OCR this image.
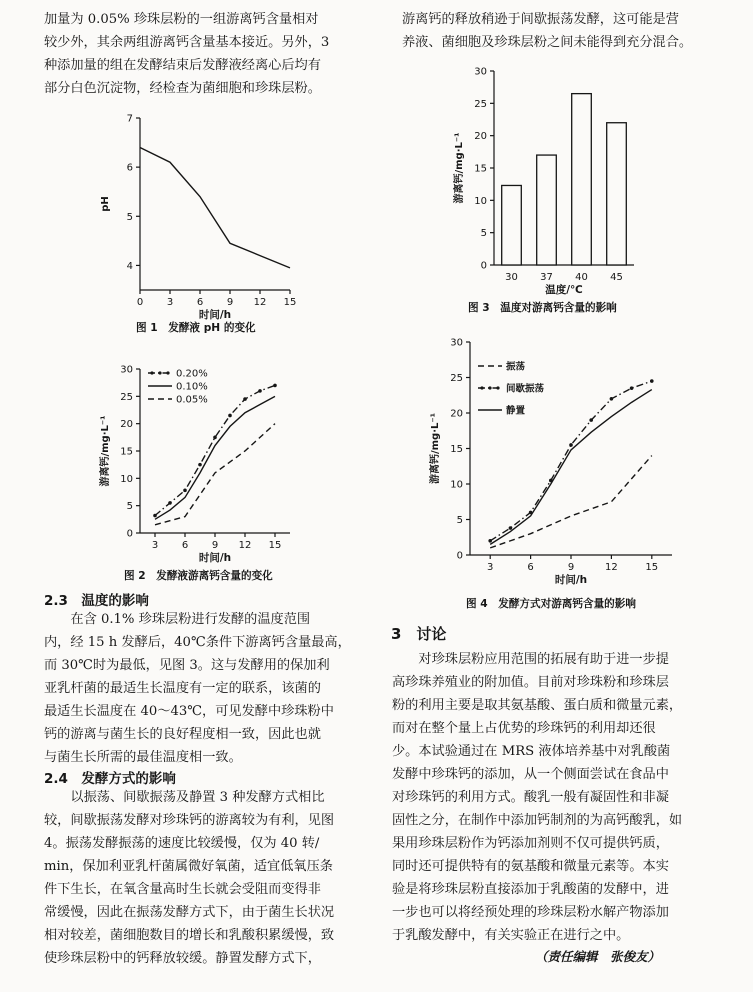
加量为 0.05% 珍珠层粉的一组游离钙含量相对
较少外，其余两组游离钙含量基本接近。另外，3
种添加量的组在发酵结束后发酵液经离心后均有
部分白色沉淀物，经检查为菌细胞和珍珠层粉。
游离钙的释放稍逊于间歇振荡发酵，这可能是营
养液、菌细胞及珍珠层粉之间未能得到充分混合。
4
5
6
7
0 3 6 9 12 15
pH
时间/h
图 1　发酵液 pH 的变化
0
5
10
15
20
25
30
3 6 9 12 15
0.20%
0.10%
0.05%
游离钙/mg·L⁻¹
时间/h
图 2　发酵液游离钙含量的变化
0
5
10
15
20
25
30
30 37 40 45
游离钙/mg·L⁻¹
温度/℃
图 3　温度对游离钙含量的影响
0
5
10
15
20
25
30
3	6	9	12	15
振荡
间歇振荡
静置
游离钙/mg·L⁻¹
时间/h
图 4　发酵方式对游离钙含量的影响
2.3　温度的影响
在含 0.1% 珍珠层粉进行发酵的温度范围
内，经 15 h 发酵后，40℃条件下游离钙含量最高，
而 30℃时为最低，见图 3。这与发酵用的保加利
亚乳杆菌的最适生长温度有一定的联系，该菌的
最适生长温度在 40～43℃，可见发酵中珍珠粉中
钙的游离与菌生长的良好程度相一致，因此也就
与菌生长所需的最佳温度相一致。
2.4　发酵方式的影响
以振荡、间歇振荡及静置 3 种发酵方式相比
较，间歇振荡发酵对珍珠钙的游离较为有利，见图
4。振荡发酵振荡的速度比较缓慢，仅为 40 转/
min，保加利亚乳杆菌属微好氧菌，适宜低氧压条
件下生长，在氧含量高时生长就会受阻而变得非
常缓慢，因此在振荡发酵方式下，由于菌生长状况
相对较差，菌细胞数目的增长和乳酸积累缓慢，致
使珍珠层粉中的钙释放较缓。静置发酵方式下，
3　讨论
对珍珠层粉应用范围的拓展有助于进一步提
高珍珠养殖业的附加值。目前对珍珠粉和珍珠层
粉的利用主要是取其氨基酸、蛋白质和微量元素，
而对在整个量上占优势的珍珠钙的利用却还很
少。本试验通过在 MRS 液体培养基中对乳酸菌
发酵中珍珠钙的添加，从一个侧面尝试在食品中
对珍珠钙的利用方式。酸乳一般有凝固性和非凝
固性之分，在制作中添加钙制剂的为高钙酸乳，如
果用珍珠层粉作为钙添加剂则不仅可提供钙质，
同时还可提供特有的氨基酸和微量元素等。本实
验是将珍珠层粉直接添加于乳酸菌的发酵中，进
一步也可以将经预处理的珍珠层粉水解产物添加
于乳酸发酵中，有关实验正在进行之中。
（责任编辑　张俊友）
